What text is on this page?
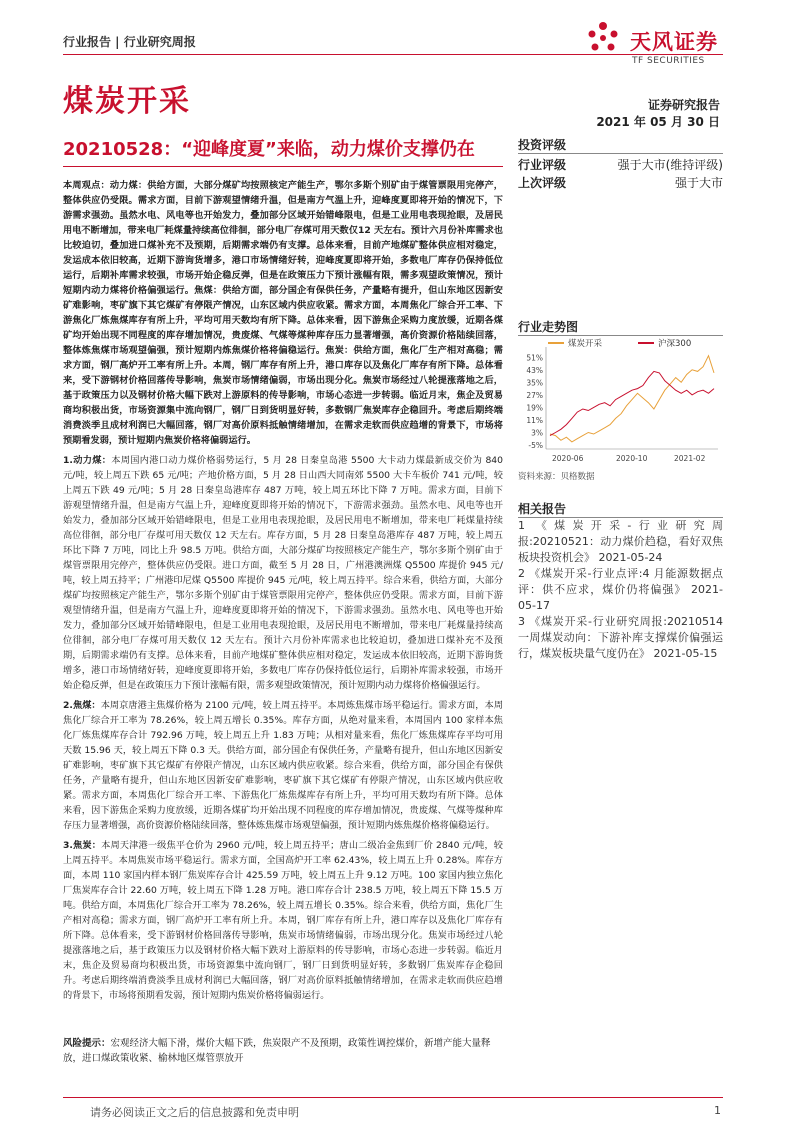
行业报告 | 行业研究周报	天风证券
TF SECURITIES
煤炭开采	证券研究报告
2021 年 05 月 30 日
20210528：“迎峰度夏”来临，动力煤价支撑仍在	投资评级
行业评级	强于大市(维持评级)
上次评级	强于大市

本周观点：动力煤：供给方面，大部分煤矿均按照核定产能生产，鄂尔多斯个别矿由于煤管票限用完停产，整体供应仍受限。需求方面，目前下游观望情绪升温，但是南方气温上升，迎峰度夏即将开始的情况下，下游需求强劲。虽然水电、风电等也开始发力，叠加部分区域开始错峰限电，但是工业用电表现抢眼，及居民用电不断增加，带来电厂耗煤量持续高位徘徊，部分电厂存煤可用天数仅12 天左右。预计六月份补库需求也比较迫切，叠加进口煤补充不及预期，后期需求端仍有支撑。总体来看，目前产地煤矿整体供应相对稳定，发运成本依旧较高，近期下游询货增多，港口市场情绪好转，迎峰度夏即将开始，多数电厂库存仍保持低位运行，后期补库需求较强，市场开始企稳反弹，但是在政策压力下预计涨幅有限，需多观望政策情况，预计短期内动力煤将价格偏强运行。焦煤：供给方面，部分国企有保供任务，产量略有提升，但山东地区因新安矿难影响，枣矿旗下其它煤矿有停限产情况，山东区域内供应收紧。需求方面，本周焦化厂综合开工率、下游焦化厂炼焦煤库存有所上升，平均可用天数均有所下降。总体来看，因下游焦企采购力度放缓，近期各煤矿均开始出现不同程度的库存增加情况，贵废煤、气煤等煤种库存压力显著增强，高价资源价格陆续回落，整体炼焦煤市场观望偏强，预计短期内炼焦煤价格将偏稳运行。焦炭：供给方面，焦化厂生产相对高稳；需求方面，钢厂高炉开工率有所上升。本周，钢厂库存有所上升，港口库存以及焦化厂库存有所下降。总体看来，受下游钢材价格回落传导影响，焦炭市场情绪偏弱，市场出现分化。焦炭市场经过八轮提涨落地之后，基于政策压力以及钢材价格大幅下跌对上游原料的传导影响，市场心态进一步转弱。临近月末，焦企及贸易商均积极出货，市场资源集中流向钢厂，钢厂日到货明显好转，多数钢厂焦炭库存企稳回升。考虑后期终端消费淡季且成材利润已大幅回落，钢厂对高价原料抵触情绪增加，在需求走软而供应趋增的背景下，市场将预期看发弱，预计短期内焦炭价格将偏弱运行。

1.动力煤：本周国内港口动力煤价格弱势运行，5 月 28 日秦皇岛港 5500 大卡动力煤最新成交价为 840 元/吨，较上周五下跌 65 元/吨；产地价格方面，5 月 28 日山西大同南郊 5500 大卡车板价 741 元/吨，较上周五下跌 49 元/吨；5 月 28 日秦皇岛港库存 487 万吨，较上周五环比下降 7 万吨。需求方面，目前下游观望情绪升温，但是南方气温上升，迎峰度夏即将开始的情况下，下游需求强劲。虽然水电、风电等也开始发力，叠加部分区域开始错峰限电，但是工业用电表现抢眼，及居民用电不断增加，带来电厂耗煤量持续高位徘徊，部分电厂存煤可用天数仅 12 天左右。库存方面，5 月 28 日秦皇岛港库存 487 万吨，较上周五环比下降 7 万吨，同比上升 98.5 万吨。供给方面，大部分煤矿均按照核定产能生产，鄂尔多斯个别矿由于煤管票限用完停产，整体供应仍受限。进口方面，截至 5 月 28 日，广州港澳洲煤 Q5500 库提价 945 元/吨，较上周五持平；广州港印尼煤 Q5500 库提价 945 元/吨，较上周五持平。综合来看，供给方面，大部分煤矿均按照核定产能生产，鄂尔多斯个别矿由于煤管票限用完停产，整体供应仍受限。需求方面，目前下游观望情绪升温，但是南方气温上升，迎峰度夏即将开始的情况下，下游需求强劲。虽然水电、风电等也开始发力，叠加部分区域开始错峰限电，但是工业用电表现抢眼，及居民用电不断增加，带来电厂耗煤量持续高位徘徊，部分电厂存煤可用天数仅 12 天左右。预计六月份补库需求也比较迫切，叠加进口煤补充不及预期，后期需求端仍有支撑。总体来看，目前产地煤矿整体供应相对稳定，发运成本依旧较高，近期下游询货增多，港口市场情绪好转，迎峰度夏即将开始，多数电厂库存仍保持低位运行，后期补库需求较强，市场开始企稳反弹，但是在政策压力下预计涨幅有限，需多观望政策情况，预计短期内动力煤将价格偏强运行。

2.焦煤：本周京唐港主焦煤价格为 2100 元/吨，较上周五持平。本周炼焦煤市场平稳运行。需求方面，本周焦化厂综合开工率为 78.26%，较上周五增长 0.35%。库存方面，从绝对量来看，本周国内 100 家样本焦化厂炼焦煤库存合计 792.96 万吨，较上周五上升 1.83 万吨；从相对量来看，焦化厂炼焦煤库存平均可用天数 15.96 天，较上周五下降 0.3 天。供给方面，部分国企有保供任务，产量略有提升，但山东地区因新安矿难影响，枣矿旗下其它煤矿有停限产情况，山东区域内供应收紧。综合来看，供给方面，部分国企有保供任务，产量略有提升，但山东地区因新安矿难影响，枣矿旗下其它煤矿有停限产情况，山东区域内供应收紧。需求方面，本周焦化厂综合开工率、下游焦化厂炼焦煤库存有所上升，平均可用天数均有所下降。总体来看，因下游焦企采购力度放缓，近期各煤矿均开始出现不同程度的库存增加情况，贵废煤、气煤等煤种库存压力显著增强，高价资源价格陆续回落，整体炼焦煤市场观望偏强，预计短期内炼焦煤价格将偏稳运行。

3.焦炭：本周天津港一级焦平仓价为 2960 元/吨，较上周五持平；唐山二级冶金焦到厂价 2840 元/吨，较上周五持平。本周焦炭市场平稳运行。需求方面，全国高炉开工率 62.43%，较上周五上升 0.28%。库存方面，本周 110 家国内样本钢厂焦炭库存合计 425.59 万吨，较上周五上升 9.12 万吨。100 家国内独立焦化厂焦炭库存合计 22.60 万吨，较上周五下降 1.28 万吨。港口库存合计 238.5 万吨，较上周五下降 15.5 万吨。供给方面，本周焦化厂综合开工率为 78.26%，较上周五增长 0.35%。综合来看，供给方面，焦化厂生产相对高稳；需求方面，钢厂高炉开工率有所上升。本周，钢厂库存有所上升，港口库存以及焦化厂库存有所下降。总体看来，受下游钢材价格回落传导影响，焦炭市场情绪偏弱，市场出现分化。焦炭市场经过八轮提涨落地之后，基于政策压力以及钢材价格大幅下跌对上游原料的传导影响，市场心态进一步转弱。临近月末，焦企及贸易商均积极出货，市场资源集中流向钢厂，钢厂日到货明显好转，多数钢厂焦炭库存企稳回升。考虑后期终端消费淡季且成材利润已大幅回落，钢厂对高价原料抵触情绪增加，在需求走软而供应趋增的背景下，市场将预期看发弱，预计短期内焦炭价格将偏弱运行。

风险提示：宏观经济大幅下滑，煤价大幅下跌，焦炭限产不及预期，政策性调控煤价，新增产能大量释放，进口煤政策收紧、榆林地区煤管票放开
行业走势图
煤炭开采	沪深300
51%
43%
35%
27%
19%
11%
3%
-5%
2020-06	2020-10	2021-02
资料来源：贝格数据
相关报告
1 《煤炭开采-行业研究周报:20210521：动力煤价趋稳，看好双焦板块投资机会》 2021-05-24
2 《煤炭开采-行业点评:4 月能源数据点评：供不应求，煤价仍将偏强》 2021-05-17
3 《煤炭开采-行业研究周报:20210514 一周煤炭动向：下游补库支撑煤价偏强运行，煤炭板块量气度仍在》 2021-05-15
请务必阅读正文之后的信息披露和免责申明	1
